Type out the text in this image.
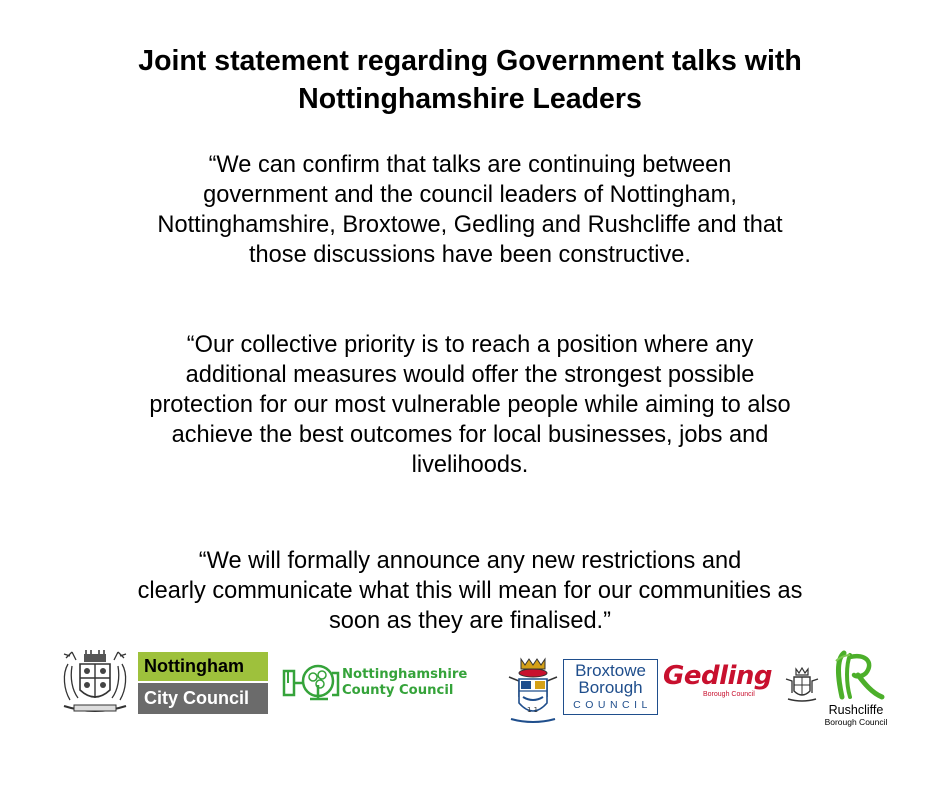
Joint statement regarding Government talks with
Nottinghamshire Leaders
“We can confirm that talks are continuing between
government and the council leaders of Nottingham,
Nottinghamshire, Broxtowe, Gedling and Rushcliffe and that
those discussions have been constructive.
“Our collective priority is to reach a position where any
additional measures would offer the strongest possible
protection for our most vulnerable people while aiming to also
achieve the best outcomes for local businesses, jobs and
livelihoods.
“We will formally announce any new restrictions and
clearly communicate what this will mean for our communities as
soon as they are finalised.”
Nottingham
City Council
Nottinghamshire
County Council
1 1
Broxtowe
Borough
COUNCIL
Gedling
Borough Council
Rushcliffe
Borough Council
